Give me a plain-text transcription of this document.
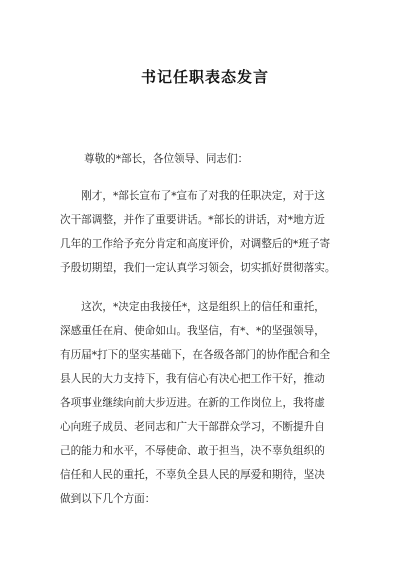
书记任职表态发言
尊敬的*部长，各位领导、同志们：
　　刚才，*部长宣布了*宣布了对我的任职决定，对于这
次干部调整，并作了重要讲话。*部长的讲话，对*地方近
几年的工作给予充分肯定和高度评价，对调整后的*班子寄
予殷切期望，我们一定认真学习领会，切实抓好贯彻落实。
　　这次，*决定由我接任*，这是组织上的信任和重托，
深感重任在肩、使命如山。我坚信，有*、*的坚强领导，
有历届*打下的坚实基础下，在各级各部门的协作配合和全
县人民的大力支持下，我有信心有决心把工作干好，推动
各项事业继续向前大步迈进。在新的工作岗位上，我将虚
心向班子成员、老同志和广大干部群众学习，不断提升自
己的能力和水平，不辱使命、敢于担当，决不辜负组织的
信任和人民的重托，不辜负全县人民的厚爱和期待，坚决
做到以下几个方面：
